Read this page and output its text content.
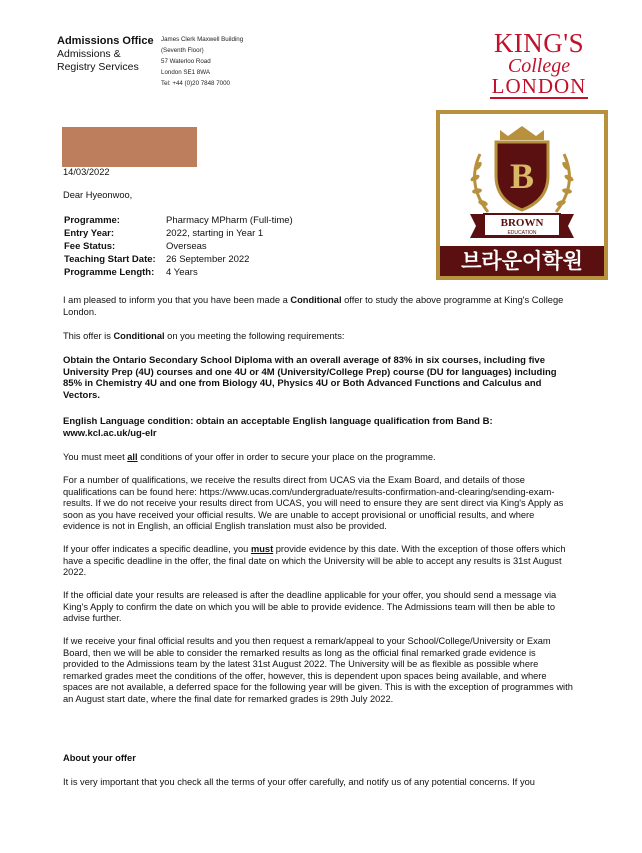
Admissions Office
Admissions &
Registry Services
James Clerk Maxwell Building
(Seventh Floor)
57 Waterloo Road
London SE1 8WA
Tel: +44 (0)20 7848 7000
KING'S
College
LONDON
B
BROWN
EDUCATION
브라운어학원
14/03/2022
Dear Hyeonwoo,
Programme:	Pharmacy MPharm (Full-time)
Entry Year:	2022, starting in Year 1
Fee Status:	Overseas
Teaching Start Date:	26 September 2022
Programme Length:	4 Years
I am pleased to inform you that you have been made a Conditional offer to study the above programme at King's College London.
This offer is Conditional on you meeting the following requirements:
Obtain the Ontario Secondary School Diploma with an overall average of 83% in six courses, including five University Prep (4U) courses and one 4U or 4M (University/College Prep) course (DU for languages) including 85% in Chemistry 4U and one from Biology 4U, Physics 4U or Both Advanced Functions and Calculus and Vectors.
English Language condition: obtain an acceptable English language qualification from Band B: www.kcl.ac.uk/ug-elr
You must meet all conditions of your offer in order to secure your place on the programme.
For a number of qualifications, we receive the results direct from UCAS via the Exam Board, and details of those qualifications can be found here: https://www.ucas.com/undergraduate/results-confirmation-and-clearing/sending-exam-results. If we do not receive your results direct from UCAS, you will need to ensure they are sent direct via King's Apply as soon as you have received your official results. We are unable to accept provisional or unofficial results, and where evidence is not in English, an official English translation must also be provided.
If your offer indicates a specific deadline, you must provide evidence by this date. With the exception of those offers which have a specific deadline in the offer, the final date on which the University will be able to accept any results is 31st August 2022.
If the official date your results are released is after the deadline applicable for your offer, you should send a message via King's Apply to confirm the date on which you will be able to provide evidence. The Admissions team will then be able to advise further.
If we receive your final official results and you then request a remark/appeal to your School/College/University or Exam Board, then we will be able to consider the remarked results as long as the official final remarked grade evidence is provided to the Admissions team by the latest 31st August 2022. The University will be as flexible as possible where remarked grades meet the conditions of the offer, however, this is dependent upon spaces being available, and where spaces are not available, a deferred space for the following year will be given. This is with the exception of programmes with an August start date, where the final date for remarked grades is 29th July 2022.
About your offer
It is very important that you check all the terms of your offer carefully, and notify us of any potential concerns. If you
